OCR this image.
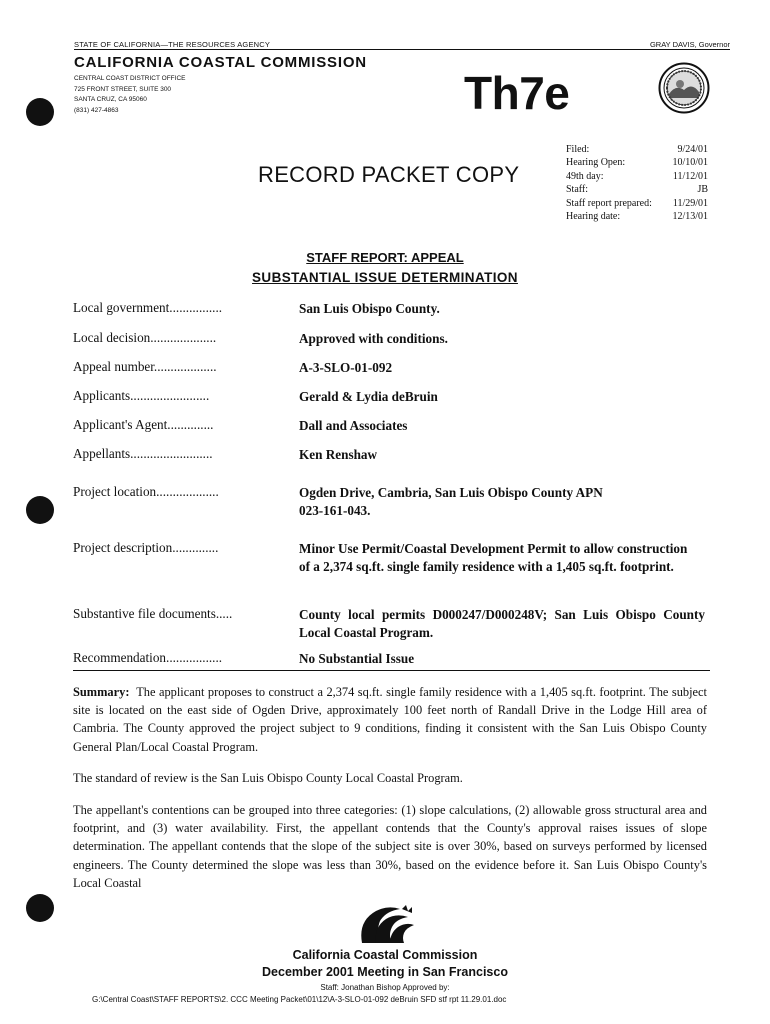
STATE OF CALIFORNIA—THE RESOURCES AGENCY	GRAY DAVIS, Governor
CALIFORNIA COASTAL COMMISSION
CENTRAL COAST DISTRICT OFFICE
725 FRONT STREET, SUITE 300
SANTA CRUZ, CA 95060
(831) 427-4863	Th7e
RECORD PACKET COPY
Filed:	9/24/01
Hearing Open:	10/10/01
49th day:	11/12/01
Staff:	JB
Staff report prepared: 11/29/01
Hearing date:	12/13/01
STAFF REPORT: APPEAL
SUBSTANTIAL ISSUE DETERMINATION
Local government................	San Luis Obispo County.
Local decision....................	Approved with conditions.
Appeal number...................	A-3-SLO-01-092
Applicants........................	Gerald & Lydia deBruin
Applicant's Agent..............	Dall and Associates
Appellants.........................	Ken Renshaw
Project location...................	Ogden Drive, Cambria, San Luis Obispo County APN 023-161-043.
Project description..............	Minor Use Permit/Coastal Development Permit to allow construction of a 2,374 sq.ft. single family residence with a 1,405 sq.ft. footprint.
Substantive file documents.....	County local permits D000247/D000248V; San Luis Obispo County Local Coastal Program.
Recommendation.................	No Substantial Issue
Summary: The applicant proposes to construct a 2,374 sq.ft. single family residence with a 1,405 sq.ft. footprint. The subject site is located on the east side of Ogden Drive, approximately 100 feet north of Randall Drive in the Lodge Hill area of Cambria. The County approved the project subject to 9 conditions, finding it consistent with the San Luis Obispo County General Plan/Local Coastal Program.
The standard of review is the San Luis Obispo County Local Coastal Program.
The appellant's contentions can be grouped into three categories: (1) slope calculations, (2) allowable gross structural area and footprint, and (3) water availability. First, the appellant contends that the County's approval raises issues of slope determination. The appellant contends that the slope of the subject site is over 30%, based on surveys performed by licensed engineers. The County determined the slope was less than 30%, based on the evidence before it. San Luis Obispo County's Local Coastal
California Coastal Commission
December 2001 Meeting in San Francisco
Staff: Jonathan Bishop Approved by:
G:\Central Coast\STAFF REPORTS\2. CCC Meeting Packet\01\12\A-3-SLO-01-092 deBruin SFD stf rpt 11.29.01.doc
